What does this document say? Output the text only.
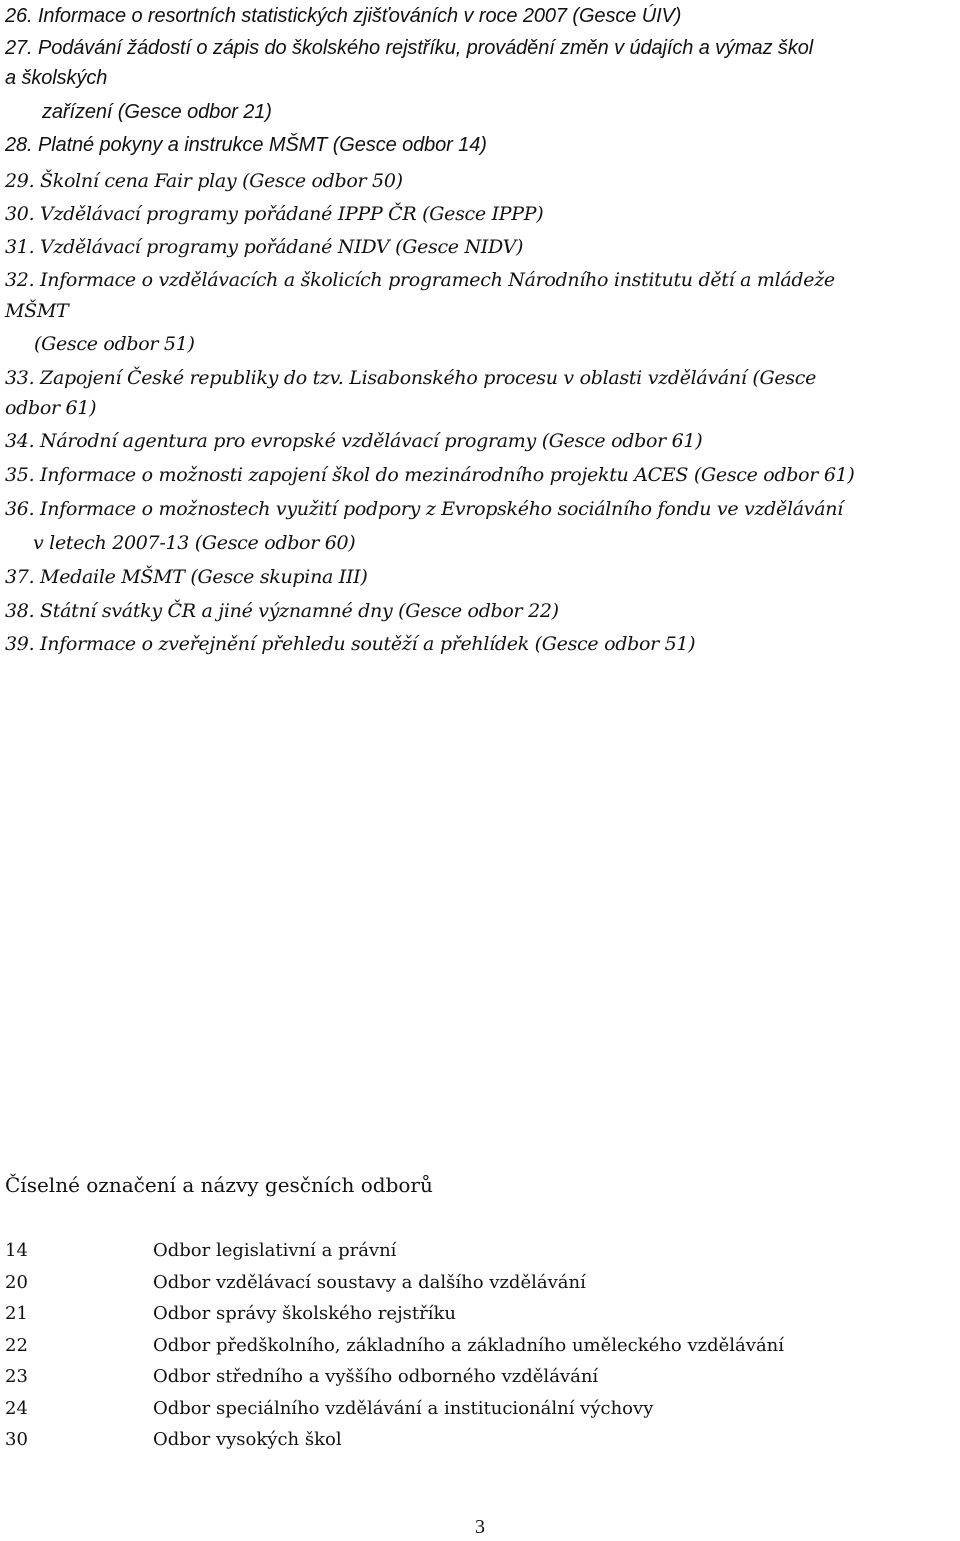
26. Informace o resortních statistických zjišťováních v roce 2007 (Gesce ÚIV)
27. Podávání žádostí o zápis do školského rejstříku, provádění změn v údajích a výmaz škol
a školských
zařízení (Gesce odbor 21)
28. Platné pokyny a instrukce MŠMT (Gesce odbor 14)
29. Školní cena Fair play (Gesce odbor 50)
30. Vzdělávací programy pořádané IPPP ČR (Gesce IPPP)
31. Vzdělávací programy pořádané NIDV (Gesce NIDV)
32. Informace o vzdělávacích a školicích programech Národního institutu dětí a mládeže
MŠMT
(Gesce odbor 51)
33. Zapojení České republiky do tzv. Lisabonského procesu v oblasti vzdělávání (Gesce
odbor 61)
34. Národní agentura pro evropské vzdělávací programy (Gesce odbor 61)
35. Informace o možnosti zapojení škol do mezinárodního projektu ACES (Gesce odbor 61)
36. Informace o možnostech využití podpory z Evropského sociálního fondu ve vzdělávání
v letech 2007-13 (Gesce odbor 60)
37. Medaile MŠMT (Gesce skupina III)
38. Státní svátky ČR a jiné významné dny (Gesce odbor 22)
39. Informace o zveřejnění přehledu soutěží a přehlídek (Gesce odbor 51)
Číselné označení a názvy gesčních odborů
14	Odbor legislativní a právní
20	Odbor vzdělávací soustavy a dalšího vzdělávání
21	Odbor správy školského rejstříku
22	Odbor předškolního, základního a základního uměleckého vzdělávání
23	Odbor středního a vyššího odborného vzdělávání
24	Odbor speciálního vzdělávání a institucionální výchovy
30	Odbor vysokých škol
3
